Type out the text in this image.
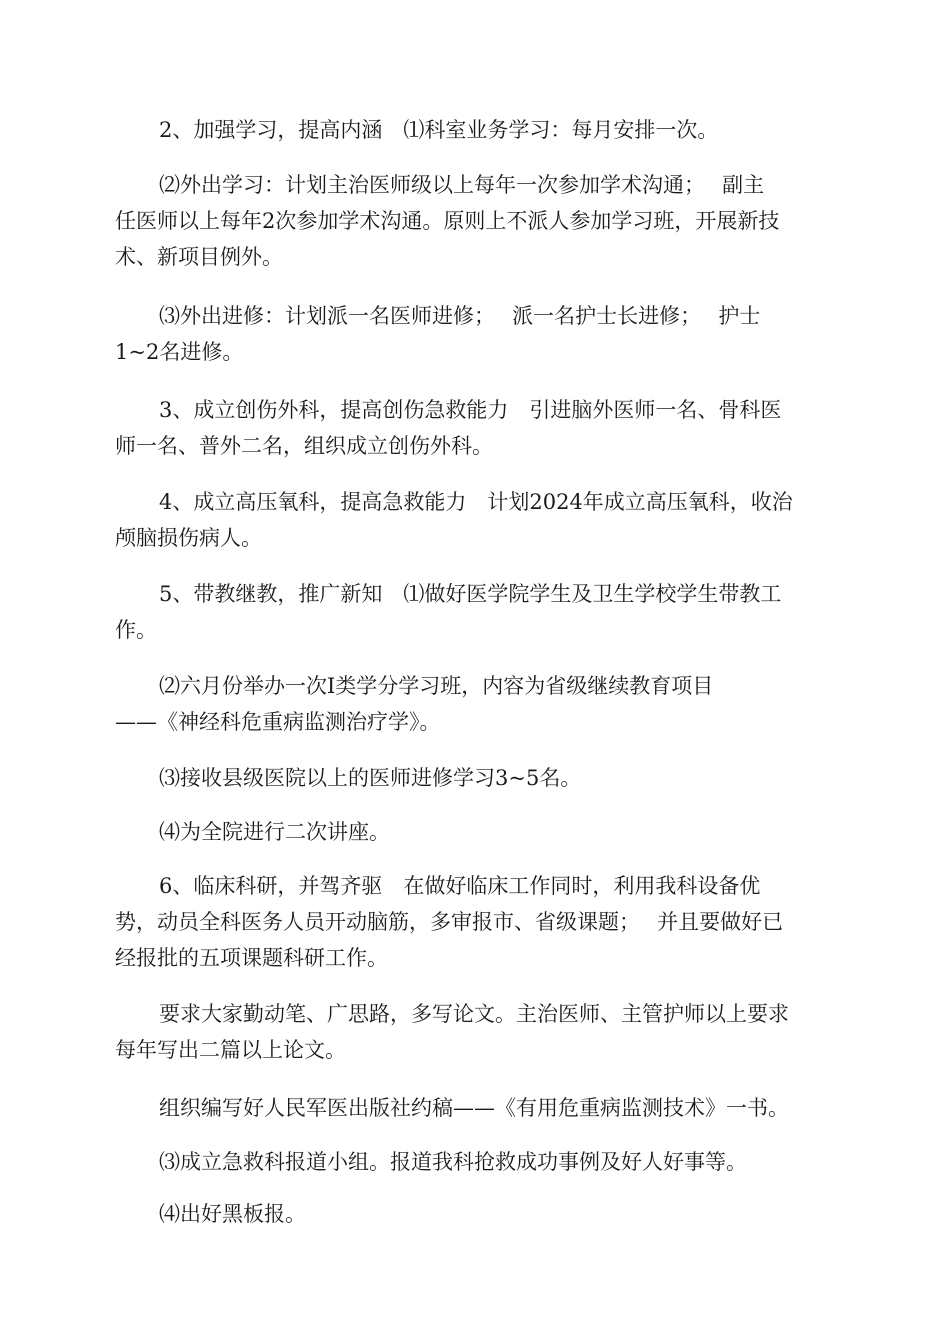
2、加强学习，提高内涵　⑴科室业务学习：每月安排一次。

⑵外出学习：计划主治医师级以上每年一次参加学术沟通；　 副主
任医师以上每年2次参加学术沟通。原则上不派人参加学习班，开展新技
术、新项目例外。

⑶外出进修：计划派一名医师进修；　 派一名护士长进修；　 护士
1~2名进修。

3、成立创伤外科，提高创伤急救能力　引进脑外医师一名、骨科医
师一名、普外二名，组织成立创伤外科。

4、成立高压氧科，提高急救能力　计划2024年成立高压氧科，收治
颅脑损伤病人。

5、带教继教，推广新知　⑴做好医学院学生及卫生学校学生带教工
作。

⑵六月份举办一次Ⅰ类学分学习班，内容为省级继续教育项目
——《神经科危重病监测治疗学》。

⑶接收县级医院以上的医师进修学习3~5名。

⑷为全院进行二次讲座。

6、临床科研，并驾齐驱　在做好临床工作同时，利用我科设备优
势，动员全科医务人员开动脑筋，多审报市、省级课题；　 并且要做好已
经报批的五项课题科研工作。

要求大家勤动笔、广思路，多写论文。主治医师、主管护师以上要求
每年写出二篇以上论文。

组织编写好人民军医出版社约稿——《有用危重病监测技术》一书。

⑶成立急救科报道小组。报道我科抢救成功事例及好人好事等。

⑷出好黑板报。
